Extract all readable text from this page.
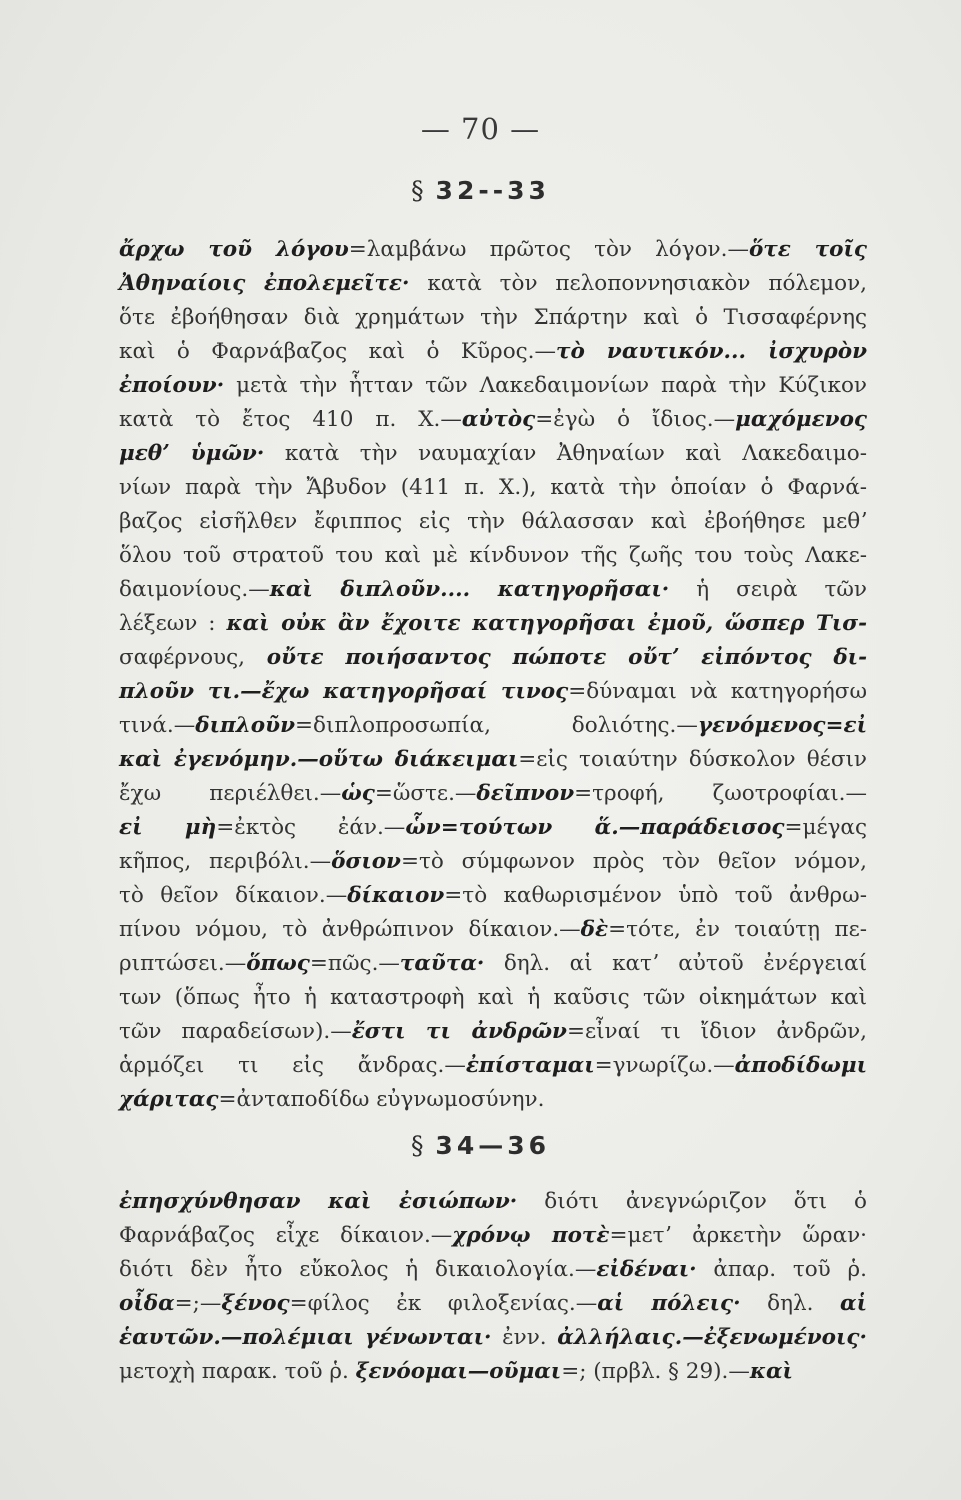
— 70 —
§ 32--33
ἄρχω τοῦ λόγου=λαμβάνω πρῶτος τὸν λόγον.—ὅτε τοῖς
Ἀθηναίοις ἐπολεμεῖτε· κατὰ τὸν πελοποννησιακὸν πόλεμον,
ὅτε ἐβοήθησαν διὰ χρημάτων τὴν Σπάρτην καὶ ὁ Τισσαφέρνης
καὶ ὁ Φαρνάβαζος καὶ ὁ Κῦρος.—τὸ ναυτικόν... ἰσχυρὸν
ἐποίουν· μετὰ τὴν ἧτταν τῶν Λακεδαιμονίων παρὰ τὴν Κύζικον
κατὰ τὸ ἔτος 410 π. Χ.—αὐτὸς=ἐγὼ ὁ ἴδιος.—μαχόμενος
μεθʼ ὑμῶν· κατὰ τὴν ναυμαχίαν Ἀθηναίων καὶ Λακεδαιμο-
νίων παρὰ τὴν Ἄβυδον (411 π. Χ.), κατὰ τὴν ὁποίαν ὁ Φαρνά-
βαζος εἰσῆλθεν ἔφιππος εἰς τὴν θάλασσαν καὶ ἐβοήθησε μεθʼ
ὅλου τοῦ στρατοῦ του καὶ μὲ κίνδυνον τῆς ζωῆς του τοὺς Λακε-
δαιμονίους.—καὶ διπλοῦν.... κατηγορῆσαι· ἡ σειρὰ τῶν
λέξεων : καὶ οὐκ ἂν ἔχοιτε κατηγορῆσαι ἐμοῦ, ὥσπερ Τισ-
σαφέρνους, οὔτε ποιήσαντος πώποτε οὔτʼ εἰπόντος δι-
πλοῦν τι.—ἔχω κατηγορῆσαί τινος=δύναμαι νὰ κατηγορήσω
τινά.—διπλοῦν=διπλοπροσωπία, δολιότης.—γενόμενος=εἰ
καὶ ἐγενόμην.—οὕτω διάκειμαι=εἰς τοιαύτην δύσκολον θέσιν
ἔχω περιέλθει.—ὡς=ὥστε.—δεῖπνον=τροφή, ζωοτροφίαι.—
εἰ μὴ=ἐκτὸς ἐάν.—ὧν=τούτων ἅ.—παράδεισος=μέγας
κῆπος, περιβόλι.—ὅσιον=τὸ σύμφωνον πρὸς τὸν θεῖον νόμον,
τὸ θεῖον δίκαιον.—δίκαιον=τὸ καθωρισμένον ὑπὸ τοῦ ἀνθρω-
πίνου νόμου, τὸ ἀνθρώπινον δίκαιον.—δὲ=τότε, ἐν τοιαύτῃ πε-
ριπτώσει.—ὅπως=πῶς.—ταῦτα· δηλ. αἱ κατʼ αὐτοῦ ἐνέργειαί
των (ὅπως ἦτο ἡ καταστροφὴ καὶ ἡ καῦσις τῶν οἰκημάτων καὶ
τῶν παραδείσων).—ἔστι τι ἀνδρῶν=εἶναί τι ἴδιον ἀνδρῶν,
ἁρμόζει τι εἰς ἄνδρας.—ἐπίσταμαι=γνωρίζω.—ἀποδίδωμι
χάριτας=ἀνταποδίδω εὐγνωμοσύνην.
§ 34—36
ἐπησχύνθησαν καὶ ἐσιώπων· διότι ἀνεγνώριζον ὅτι ὁ
Φαρνάβαζος εἶχε δίκαιον.—χρόνῳ ποτὲ=μετʼ ἀρκετὴν ὥραν·
διότι δὲν ἦτο εὔκολος ἡ δικαιολογία.—εἰδέναι· ἀπαρ. τοῦ ῥ.
οἶδα=;—ξένος=φίλος ἐκ φιλοξενίας.—αἱ πόλεις· δηλ. αἱ
ἑαυτῶν.—πολέμιαι γένωνται· ἐνν. ἀλλήλαις.—ἐξενωμένοις·
μετοχὴ παρακ. τοῦ ῥ. ξενόομαι—οῦμαι=; (πρβλ. § 29).—καὶ
